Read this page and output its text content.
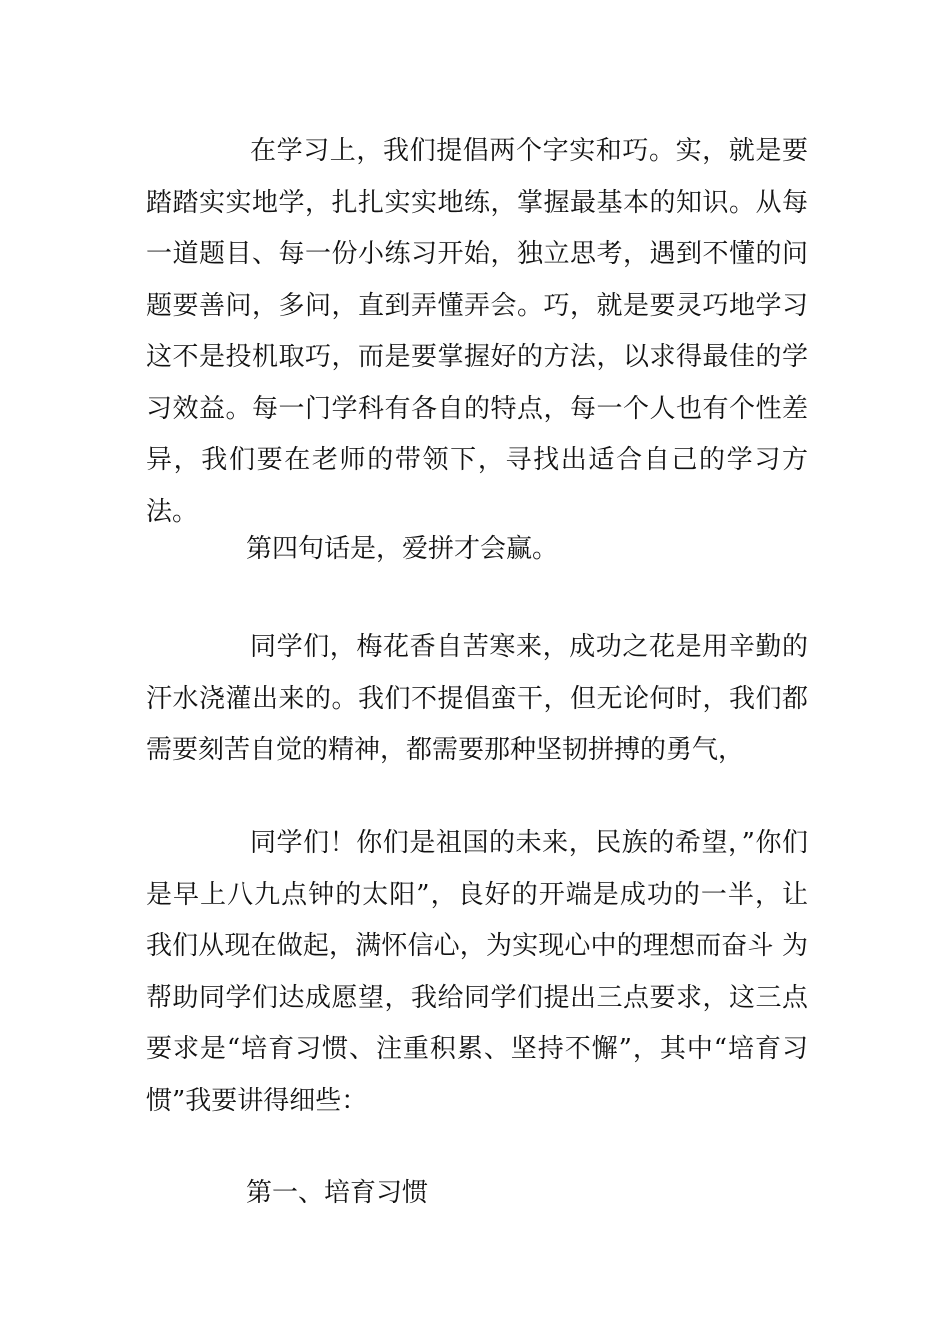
在学习上，我们提倡两个字实和巧。实，就是要踏踏实实地学，扎扎实实地练，掌握最基本的知识。从每一道题目、每一份小练习开始，独立思考，遇到不懂的问题要善问，多问，直到弄懂弄会。巧，就是要灵巧地学习这不是投机取巧，而是要掌握好的方法，以求得最佳的学习效益。每一门学科有各自的特点，每一个人也有个性差异，我们要在老师的带领下，寻找出适合自己的学习方法。

第四句话是，爱拼才会赢。

同学们，梅花香自苦寒来，成功之花是用辛勤的汗水浇灌出来的。我们不提倡蛮干，但无论何时，我们都需要刻苦自觉的精神，都需要那种坚韧拼搏的勇气，

同学们！你们是祖国的未来，民族的希望，”你们是早上八九点钟的太阳”，良好的开端是成功的一半，让我们从现在做起，满怀信心，为实现心中的理想而奋斗 为帮助同学们达成愿望，我给同学们提出三点要求，这三点要求是“培育习惯、注重积累、坚持不懈”，其中“培育习惯”我要讲得细些：

第一、培育习惯
